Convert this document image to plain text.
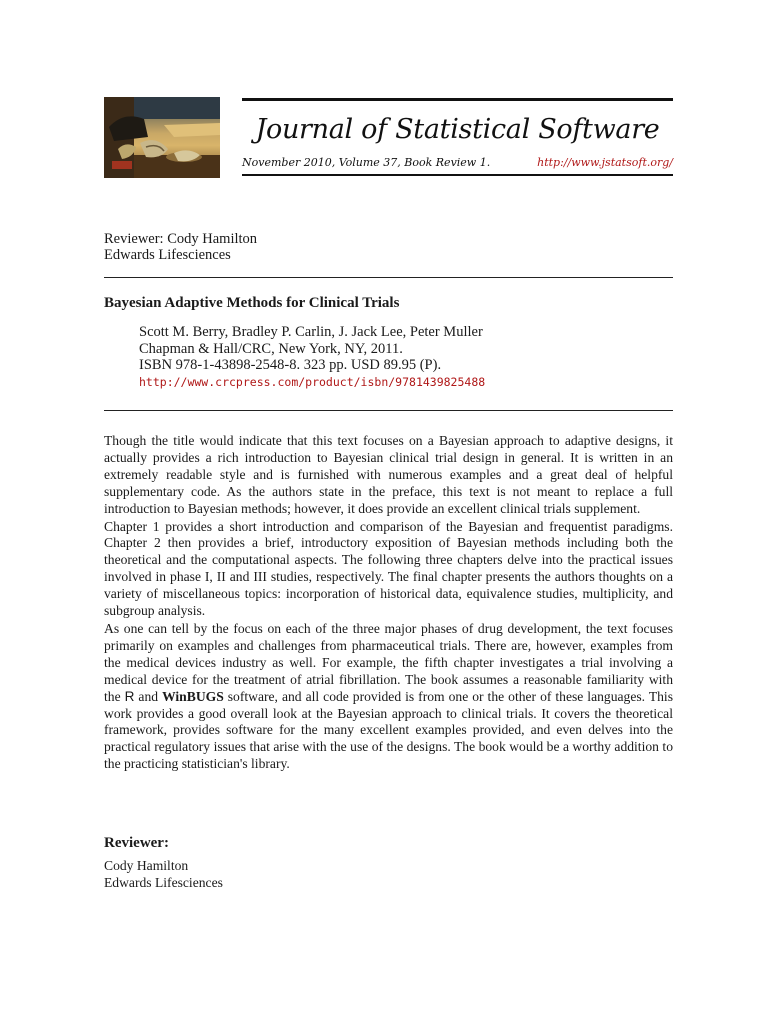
Journal of Statistical Software
November 2010, Volume 37, Book Review 1.	http://www.jstatsoft.org/
Reviewer: Cody Hamilton
Edwards Lifesciences
Bayesian Adaptive Methods for Clinical Trials
Scott M. Berry, Bradley P. Carlin, J. Jack Lee, Peter Muller
Chapman & Hall/CRC, New York, NY, 2011.
ISBN 978-1-43898-2548-8. 323 pp. USD 89.95 (P).
http://www.crcpress.com/product/isbn/9781439825488

Though the title would indicate that this text focuses on a Bayesian approach to adaptive designs, it actually provides a rich introduction to Bayesian clinical trial design in general. It is written in an extremely readable style and is furnished with numerous examples and a great deal of helpful supplementary code. As the authors state in the preface, this text is not meant to replace a full introduction to Bayesian methods; however, it does provide an excellent clinical trials supplement.

Chapter 1 provides a short introduction and comparison of the Bayesian and frequentist paradigms. Chapter 2 then provides a brief, introductory exposition of Bayesian methods including both the theoretical and the computational aspects. The following three chapters delve into the practical issues involved in phase I, II and III studies, respectively. The final chapter presents the authors thoughts on a variety of miscellaneous topics: incorporation of historical data, equivalence studies, multiplicity, and subgroup analysis.

As one can tell by the focus on each of the three major phases of drug development, the text focuses primarily on examples and challenges from pharmaceutical trials. There are, however, examples from the medical devices industry as well. For example, the fifth chapter investigates a trial involving a medical device for the treatment of atrial fibrillation. The book assumes a reasonable familiarity with the R and WinBUGS software, and all code provided is from one or the other of these languages. This work provides a good overall look at the Bayesian approach to clinical trials. It covers the theoretical framework, provides software for the many excellent examples provided, and even delves into the practical regulatory issues that arise with the use of the designs. The book would be a worthy addition to the practicing statistician's library.

Reviewer:
Cody Hamilton
Edwards Lifesciences
